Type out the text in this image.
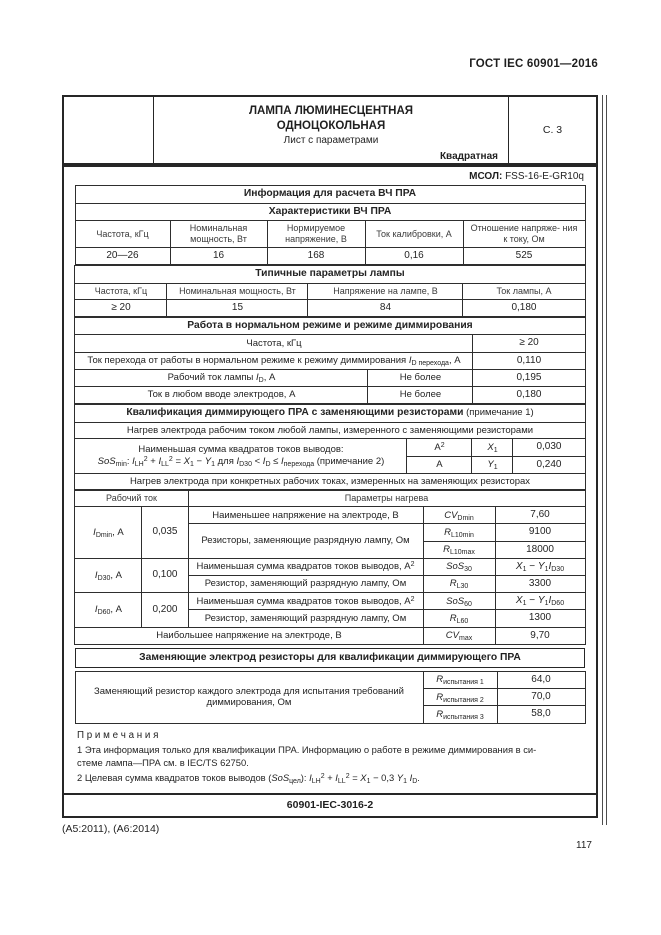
ГОСТ IEC 60901—2016
ЛАМПА ЛЮМИНЕСЦЕНТНАЯ
ОДНОЦОКОЛЬНАЯ
Лист с параметрами
Квадратная
С. 3
МСОЛ: FSS-16-E-GR10q
Информация для расчета ВЧ ПРА				
Характеристики ВЧ ПРА				
Частота, кГц	Номинальная мощность, Вт	Нормируемое напряжение, В	Ток калибровки, А	Отношение напряже- ния к току, Ом
20—26	16	168	0,16	525
Типичные параметры лампы			
Частота, кГц	Номинальная мощность, Вт	Напряжение на лампе, В	Ток лампы, А
≥ 20	15	84	0,180
Работа в нормальном режиме и режиме диммирования		
Частота, кГц		≥ 20
Ток перехода от работы в нормальном режиме к режиму диммирования $I_{D перехода}$, А		0,110
Рабочий ток лампы $I_D$, А	Не более	0,195
Ток в любом вводе электродов, А	Не более	0,180
Квалификация диммирующего ПРА с заменяющими резисторами (примечание 1)			
Нагрев электрода рабочим током любой лампы, измеренного с заменяющими резисторами			

Наименьшая сумма квадратов токов выводов:
SoS$_{min}$: $I_{LH}^2 + I_{LL}^2 = X_1 - Y_1$ для $I_{D30} < I_D \le I_{перехода}$ (примечание 2)	$А^2$	$X_1$	0,030
	А	$Y_1$	0,240
Нагрев электрода при конкретных рабочих токах, измеренных на заменяющих резисторах			
Рабочий ток		Параметры нагрева		
$I_{Dmin}$, А	0,035	Наименьшее напряжение на электроде, В	$CV_{Dmin}$	7,60
		Резисторы, заменяющие разрядную лампу, Ом	$R_{L10min}$	9100
			$R_{L10max}$	18000
$I_{D30}$, А	0,100	Наименьшая сумма квадратов токов выводов, $А^2$	SoS$_{30}$	$X_1 - Y_1I_{D30}$
		Резистор, заменяющий разрядную лампу, Ом	$R_{L30}$	3300
$I_{D60}$, А	0,200	Наименьшая сумма квадратов токов выводов, $А^2$	SoS$_{60}$	$X_1 - Y_1I_{D60}$
		Резистор, заменяющий разрядную лампу, Ом	$R_{L60}$	1300
Наибольшее напряжение на электроде, В			$CV_{max}$	9,70
Заменяющие электрод резисторы для квалификации диммирующего ПРА
Заменяющий резистор каждого электрода для испытания требований диммирования, Ом	$R_{испытания 1}$	64,0
	$R_{испытания 2}$	70,0
	$R_{испытания 3}$	58,0
П р и м е ч а н и я
1 Эта информация только для квалификации ПРА. Информацию о работе в режиме диммирования в си-
стеме лампа—ПРА см. в IEC/TS 62750.
2 Целевая сумма квадратов токов выводов (SoS$_{цел}$): $I_{LH}^2 + I_{LL}^2 = X_1 - 0,3$ $Y_1$ $I_D$.
60901-IEC-3016-2
(А5:2011), (А6:2014)
117
